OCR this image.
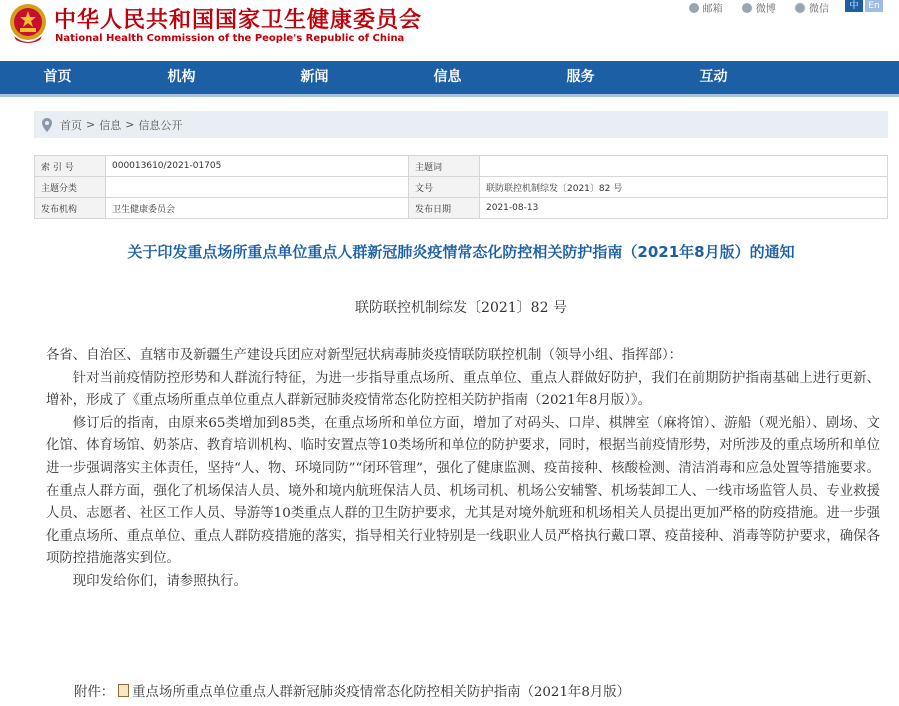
中华人民共和国国家卫生健康委员会
National Health Commission of the People's Republic of China
邮箱
	微博
	微信	中	En
首页	机构	新闻	信息	服务	互动
首页 > 信息 > 信息公开
索 引 号	000013610/2021-01705	主题词	
主题分类		文号	联防联控机制综发〔2021〕82 号
发布机构	卫生健康委员会	发布日期	2021-08-13
关于印发重点场所重点单位重点人群新冠肺炎疫情常态化防控相关防护指南（2021年8月版）的通知
联防联控机制综发〔2021〕82 号

各省、自治区、直辖市及新疆生产建设兵团应对新型冠状病毒肺炎疫情联防联控机制（领导小组、指挥部）：

针对当前疫情防控形势和人群流行特征，为进一步指导重点场所、重点单位、重点人群做好防护，我们在前期防护指南基础上进行更新、增补，形成了《重点场所重点单位重点人群新冠肺炎疫情常态化防控相关防护指南（2021年8月版）》。

修订后的指南，由原来65类增加到85类，在重点场所和单位方面，增加了对码头、口岸、棋牌室（麻将馆）、游船（观光船）、剧场、文化馆、体育场馆、奶茶店、教育培训机构、临时安置点等10类场所和单位的防护要求，同时，根据当前疫情形势，对所涉及的重点场所和单位进一步强调落实主体责任，坚持“人、物、环境同防”“闭环管理”，强化了健康监测、疫苗接种、核酸检测、清洁消毒和应急处置等措施要求。在重点人群方面，强化了机场保洁人员、境外和境内航班保洁人员、机场司机、机场公安辅警、机场装卸工人、一线市场监管人员、专业救援人员、志愿者、社区工作人员、导游等10类重点人群的卫生防护要求，尤其是对境外航班和机场相关人员提出更加严格的防疫措施。进一步强化重点场所、重点单位、重点人群防疫措施的落实，指导相关行业特别是一线职业人员严格执行戴口罩、疫苗接种、消毒等防护要求，确保各项防控措施落实到位。

现印发给你们，请参照执行。

附件： 重点场所重点单位重点人群新冠肺炎疫情常态化防控相关防护指南（2021年8月版）
